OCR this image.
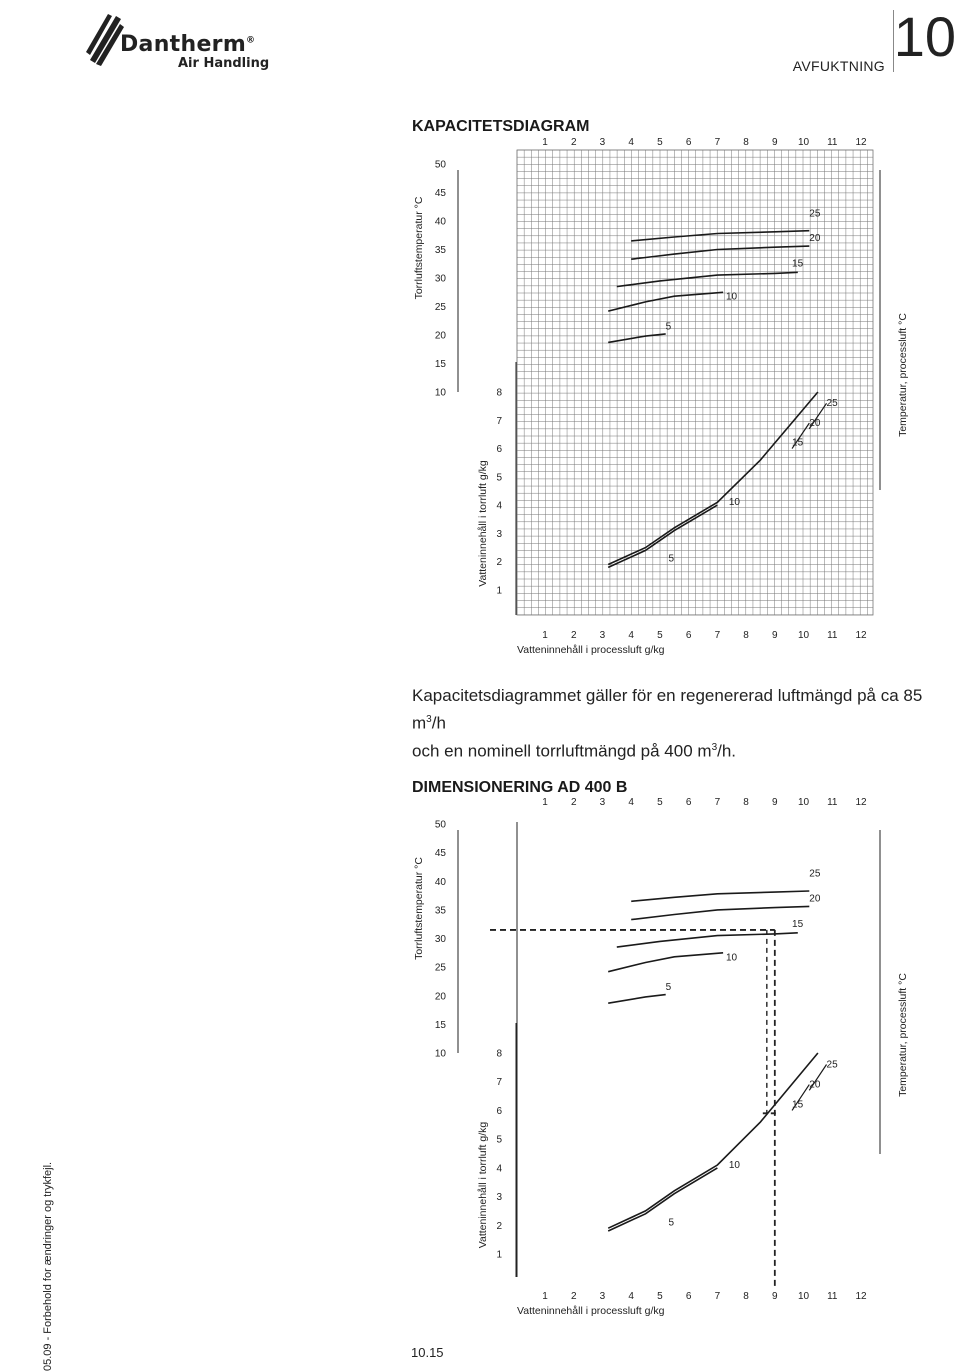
Dantherm®
Air Handling	AVFUKTNING 10
KAPACITETSDIAGRAM
1
1
2
2
3
3
4
4
5
5
6
6
7
7
8
8
9
9
10
10
11
11
12
12
Vatteninnehåll i processluft g/kg
50
45
40
35
30
25
20
15
10	8
7
6
5
4
3
2
1
Torrluftstemperatur °C
Vatteninnehåll i torrluft g/kg
Temperatur, processluft °C
25
20
15
10
5
25
20
15
10
5
DIMENSIONERING AD 400 B
1
1
2
2
3
3
4
4
5
5
6
6
7
7
8
8
9
9
10
10
11
11
12
12
Vatteninnehåll i processluft g/kg
50
45
40
35
30
25
20
15
10	8
7
6
5
4
3
2
1
Torrluftstemperatur °C
Vatteninnehåll i torrluft g/kg
Temperatur, processluft °C
25
20
15
10
5
25
20
15
10
5
Kapacitetsdiagrammet gäller för en regenererad luftmängd på ca 85 $m^3/h$
och en nominell torrluftmängd på 400 $m^3/h$.
05.09 - Forbehold for ændringer og trykfejl.	10.15
